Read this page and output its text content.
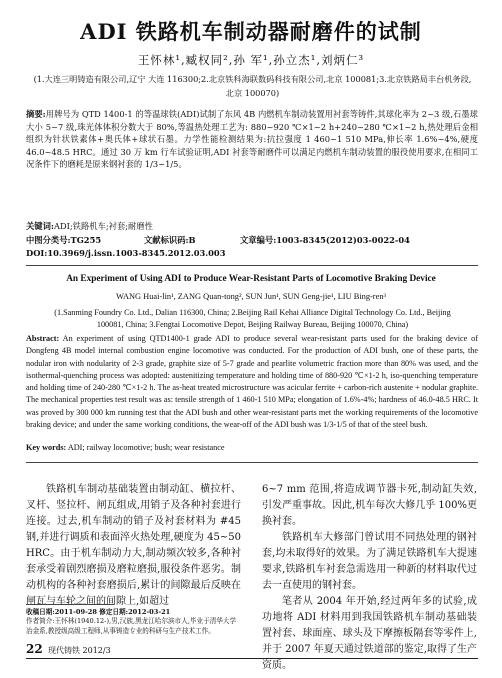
ADI 铁路机车制动器耐磨件的试制
王怀林¹,臧权同²,孙 军¹,孙立杰¹,刘炳仁³
(1.大连三明铸造有限公司,辽宁 大连 116300;2.北京铁科海联数码科技有限公司,北京 100081;3.北京铁路局丰台机务段,北京 100070)
摘要:用牌号为 QTD 1400-1 的等温球铁(ADI)试制了东风 4B 内燃机车制动装置用衬套等铸件,其球化率为 2~3 级,石墨球大小 5~7 级,珠光体体积分数大于 80%,等温热处理工艺为: 880~920 ℃×1~2 h+240~280 ℃×1~2 h,热处理后金相组织为针状铁素体+奥氏体+球状石墨。力学性能检测结果为:抗拉强度 1 460~1 510 MPa,伸长率 1.6%~4%,硬度 46.0~48.5 HRC。通过 30 万 km 行车试验证明,ADI 衬套等耐磨件可以满足内燃机车制动装置的服役使用要求,在相同工况条件下的磨耗是原来钢衬套的 1/3~1/5。
关键词:ADI;铁路机车;衬套;耐磨性
中图分类号:TG255	文献标识码:B	文章编号:1003-8345(2012)03-0022-04
DOI:10.3969/j.issn.1003-8345.2012.03.003
An Experiment of Using ADI to Produce Wear-Resistant Parts of Locomotive Braking Device
WANG Huai-lin¹, ZANG Quan-tong², SUN Jun¹, SUN Geng-jie¹, LIU Bing-ren³
(1.Sanming Foundry Co. Ltd., Dalian 116300, China; 2.Beijing Rail Kehai Alliance Digital Technology Co. Ltd., Beijing 100081, China; 3.Fengtai Locomotive Depot, Beijing Railway Bureau, Beijing 100070, China)
Abstract: An experiment of using QTD1400-1 grade ADI to produce several wear-resistant parts used for the braking device of Dongfeng 4B model internal combustion engine locomotive was conducted. For the production of ADI bush, one of these parts, the nodular iron with nodularity of 2-3 grade, graphite size of 5-7 grade and pearlite volumetric fraction more than 80% was used, and the isothermal-quenching process was adopted: austenitizing temperature and holding time of 880-920 ℃×1-2 h, iso-quenching temperature and holding time of 240-280 ℃×1-2 h. The as-heat treated microstructure was acicular ferrite + carbon-rich austenite + nodular graphite. The mechanical properties test result was as: tensile strength of 1 460-1 510 MPa; elongation of 1.6%-4%; hardness of 46.0-48.5 HRC. It was proved by 300 000 km running test that the ADI bush and other wear-resistant parts met the working requirements of the locomotive braking device; and under the same working conditions, the wear-off of the ADI bush was 1/3-1/5 of that of the steel bush.
Key words: ADI; railway locomotive; bush; wear resistance

铁路机车制动基础装置由制动缸、横拉杆、叉杆、竖拉杆、闸瓦组成,用销子及各种衬套进行连接。过去,机车制动的销子及衬套材料为 #45 钢,并进行调质和表面淬火热处理,硬度为 45~50 HRC。由于机车制动力大,制动频次较多,各种衬套承受着剧烈磨损及磨粒磨损,服役条件恶劣。制动机构的各种衬套磨损后,累计的间隙最后反映在闸瓦与车轮之间的间隙上,如超过

6~7 mm 范围,将造成调节器卡死,制动缸失效,引发严重事故。因此,机车每次大修几乎 100%更换衬套。

铁路机车大修部门曾试用不同热处理的钢衬套,均未取得好的效果。为了满足铁路机车大提速要求,铁路机车衬套急需选用一种新的材料取代过去一直使用的钢衬套。

笔者从 2004 年开始,经过两年多的试验,成功地将 ADI 材料用到我国铁路机车制动基础装置衬套、球面座、球头及下摩擦板隔套等零件上,并于 2007 年夏天通过铁道部的鉴定,取得了生产资质。

收稿日期:2011-09-28 修定日期:2012-03-21
作者简介:王怀林(1940.12-),男,汉族,黑龙江哈尔滨市人,毕业于清华大学冶金系,教授级高级工程师,从事铸造专业的科研与生产技术工作。
22 现代铸铁 2012/3
